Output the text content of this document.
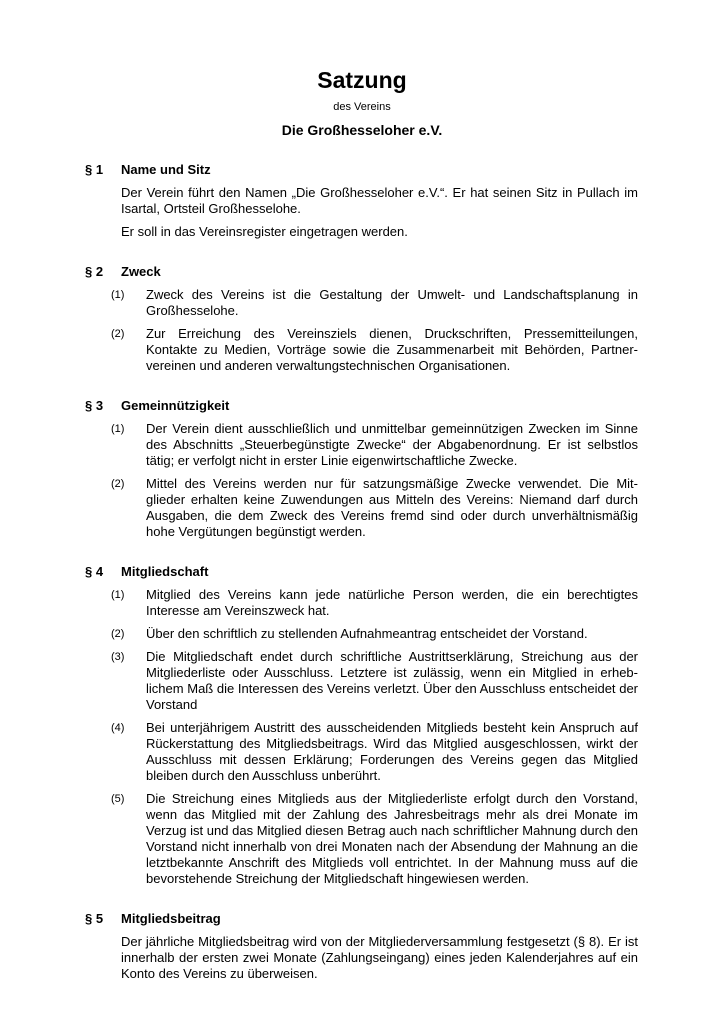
Satzung
des Vereins
Die Großhesseloher e.V.
§ 1	Name und Sitz
Der Verein führt den Namen „Die Großhesseloher e.V.“. Er hat seinen Sitz in Pullach im Isartal, Ortsteil Großhesselohe.
Er soll in das Vereinsregister eingetragen werden.
§ 2	Zweck
(1)	Zweck des Vereins ist die Gestaltung der Umwelt- und Landschaftsplanung in Großhesselohe.
(2)	Zur Erreichung des Vereinsziels dienen, Druckschriften, Pressemitteilungen, Kontakte zu Medien, Vorträge sowie die Zusammenarbeit mit Behörden, Partner-vereinen und anderen verwaltungstechnischen Organisationen.
§ 3	Gemeinnützigkeit
(1)	Der Verein dient ausschließlich und unmittelbar gemeinnützigen Zwecken im Sinne des Abschnitts „Steuerbegünstigte Zwecke“ der Abgabenordnung. Er ist selbstlos tätig; er verfolgt nicht in erster Linie eigenwirtschaftliche Zwecke.
(2)	Mittel des Vereins werden nur für satzungsmäßige Zwecke verwendet. Die Mit-glieder erhalten keine Zuwendungen aus Mitteln des Vereins: Niemand darf durch Ausgaben, die dem Zweck des Vereins fremd sind oder durch unverhältnismäßig hohe Vergütungen begünstigt werden.
§ 4	Mitgliedschaft
(1)	Mitglied des Vereins kann jede natürliche Person werden, die ein berechtigtes Interesse am Vereinszweck hat.
(2)	Über den schriftlich zu stellenden Aufnahmeantrag entscheidet der Vorstand.
(3)	Die Mitgliedschaft endet durch schriftliche Austrittserklärung, Streichung aus der Mitgliederliste oder Ausschluss. Letztere ist zulässig, wenn ein Mitglied in erheb-lichem Maß die Interessen des Vereins verletzt. Über den Ausschluss entscheidet der Vorstand
(4)	Bei unterjährigem Austritt des ausscheidenden Mitglieds besteht kein Anspruch auf Rückerstattung des Mitgliedsbeitrags. Wird das Mitglied ausgeschlossen, wirkt der Ausschluss mit dessen Erklärung; Forderungen des Vereins gegen das Mitglied bleiben durch den Ausschluss unberührt.
(5)	Die Streichung eines Mitglieds aus der Mitgliederliste erfolgt durch den Vorstand, wenn das Mitglied mit der Zahlung des Jahresbeitrags mehr als drei Monate im Verzug ist und das Mitglied diesen Betrag auch nach schriftlicher Mahnung durch den Vorstand nicht innerhalb von drei Monaten nach der Absendung der Mahnung an die letztbekannte Anschrift des Mitglieds voll entrichtet. In der Mahnung muss auf die bevorstehende Streichung der Mitgliedschaft hingewiesen werden.
§ 5	Mitgliedsbeitrag
Der jährliche Mitgliedsbeitrag wird von der Mitgliederversammlung festgesetzt (§ 8). Er ist innerhalb der ersten zwei Monate (Zahlungseingang) eines jeden Kalenderjahres auf ein Konto des Vereins zu überweisen.
